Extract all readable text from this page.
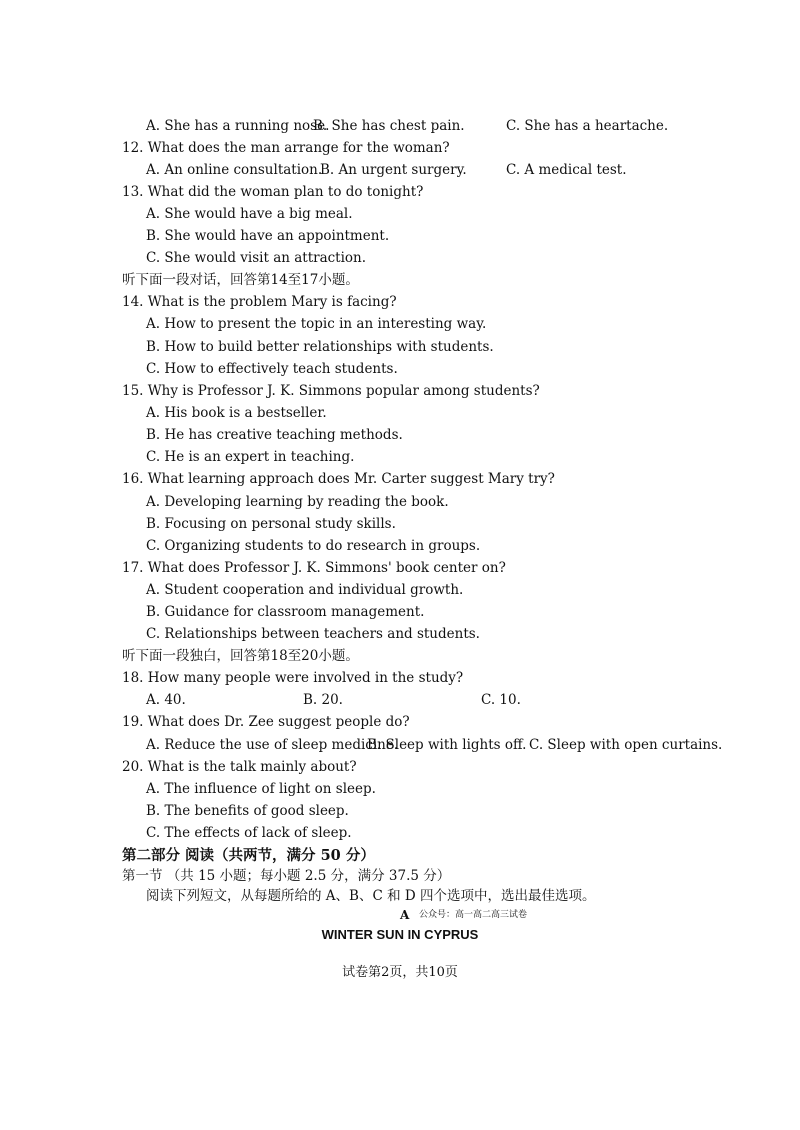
A. She has a running nose.
B. She has chest pain.	C. She has a heartache.
12. What does the man arrange for the woman?
A. An online consultation.
B. An urgent surgery.	C. A medical test.
13. What did the woman plan to do tonight?
A. She would have a big meal.
B. She would have an appointment.
C. She would visit an attraction.
听下面一段对话，回答第14至17小题。
14. What is the problem Mary is facing?
A. How to present the topic in an interesting way.
B. How to build better relationships with students.
C. How to effectively teach students.
15. Why is Professor J. K. Simmons popular among students?
A. His book is a bestseller.
B. He has creative teaching methods.
C. He is an expert in teaching.
16. What learning approach does Mr. Carter suggest Mary try?
A. Developing learning by reading the book.
B. Focusing on personal study skills.
C. Organizing students to do research in groups.
17. What does Professor J. K. Simmons' book center on?
A. Student cooperation and individual growth.
B. Guidance for classroom management.
C. Relationships between teachers and students.
听下面一段独白，回答第18至20小题。
18. How many people were involved in the study?
A. 40.	B. 20.	C. 10.
19. What does Dr. Zee suggest people do?
A. Reduce the use of sleep medicine.
B. Sleep with lights off. C. Sleep with open curtains.
20. What is the talk mainly about?
A. The influence of light on sleep.
B. The benefits of good sleep.
C. The effects of lack of sleep.
第二部分 阅读（共两节，满分 50 分）
第一节 （共 15 小题；每小题 2.5 分，满分 37.5 分）
阅读下列短文，从每题所给的 A、B、C 和 D 四个选项中，选出最佳选项。
A 公众号：高一高二高三试卷
WINTER SUN IN CYPRUS
试卷第2页，共10页
